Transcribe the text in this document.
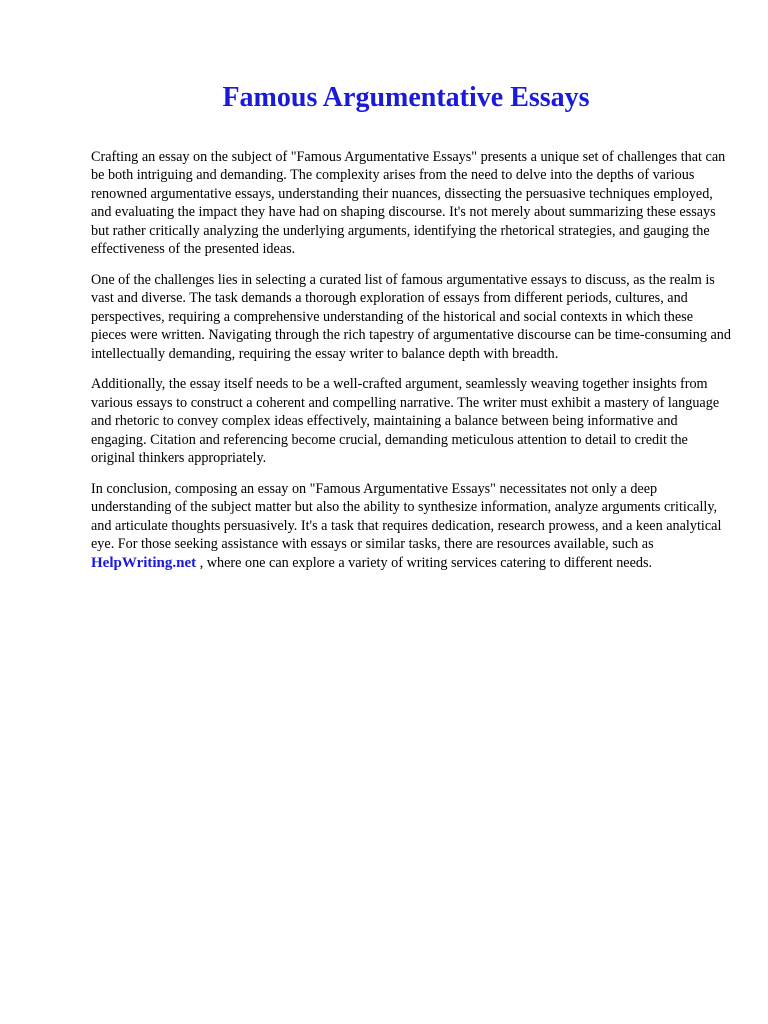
Famous Argumentative Essays

Crafting an essay on the subject of "Famous Argumentative Essays" presents a unique set of challenges that can be both intriguing and demanding. The complexity arises from the need to delve into the depths of various renowned argumentative essays, understanding their nuances, dissecting the persuasive techniques employed, and evaluating the impact they have had on shaping discourse. It's not merely about summarizing these essays but rather critically analyzing the underlying arguments, identifying the rhetorical strategies, and gauging the effectiveness of the presented ideas.

One of the challenges lies in selecting a curated list of famous argumentative essays to discuss, as the realm is vast and diverse. The task demands a thorough exploration of essays from different periods, cultures, and perspectives, requiring a comprehensive understanding of the historical and social contexts in which these pieces were written. Navigating through the rich tapestry of argumentative discourse can be time-consuming and intellectually demanding, requiring the essay writer to balance depth with breadth.

Additionally, the essay itself needs to be a well-crafted argument, seamlessly weaving together insights from various essays to construct a coherent and compelling narrative. The writer must exhibit a mastery of language and rhetoric to convey complex ideas effectively, maintaining a balance between being informative and engaging. Citation and referencing become crucial, demanding meticulous attention to detail to credit the original thinkers appropriately.

In conclusion, composing an essay on "Famous Argumentative Essays" necessitates not only a deep understanding of the subject matter but also the ability to synthesize information, analyze arguments critically, and articulate thoughts persuasively. It's a task that requires dedication, research prowess, and a keen analytical eye. For those seeking assistance with essays or similar tasks, there are resources available, such as HelpWriting.net , where one can explore a variety of writing services catering to different needs.
